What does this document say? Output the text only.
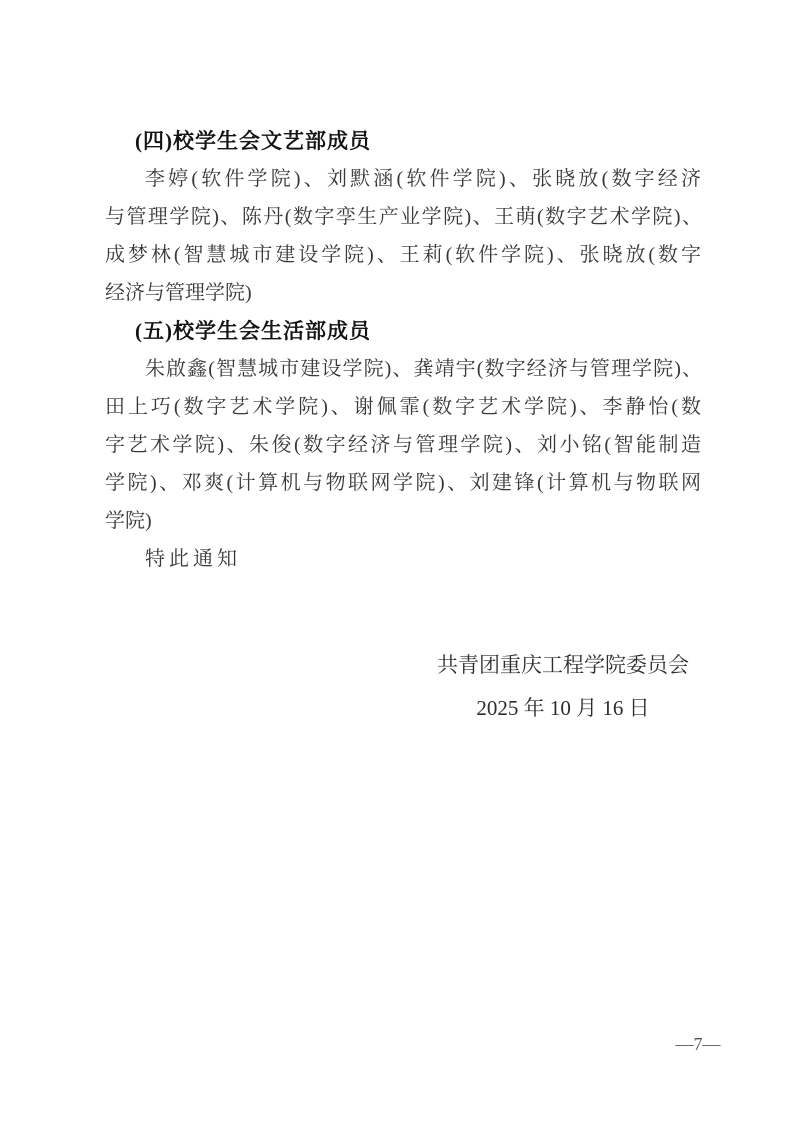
(四)校学生会文艺部成员
李婷(软件学院)、刘默涵(软件学院)、张晓放(数字经济
与管理学院)、陈丹(数字孪生产业学院)、王萌(数字艺术学院)、
成梦林(智慧城市建设学院)、王莉(软件学院)、张晓放(数字
经济与管理学院)
(五)校学生会生活部成员
朱啟鑫(智慧城市建设学院)、龚靖宇(数字经济与管理学院)、
田上巧(数字艺术学院)、谢佩霏(数字艺术学院)、李静怡(数
字艺术学院)、朱俊(数字经济与管理学院)、刘小铭(智能制造
学院)、邓爽(计算机与物联网学院)、刘建锋(计算机与物联网
学院)
特此通知
共青团重庆工程学院委员会
2025 年 10 月 16 日
—7—
